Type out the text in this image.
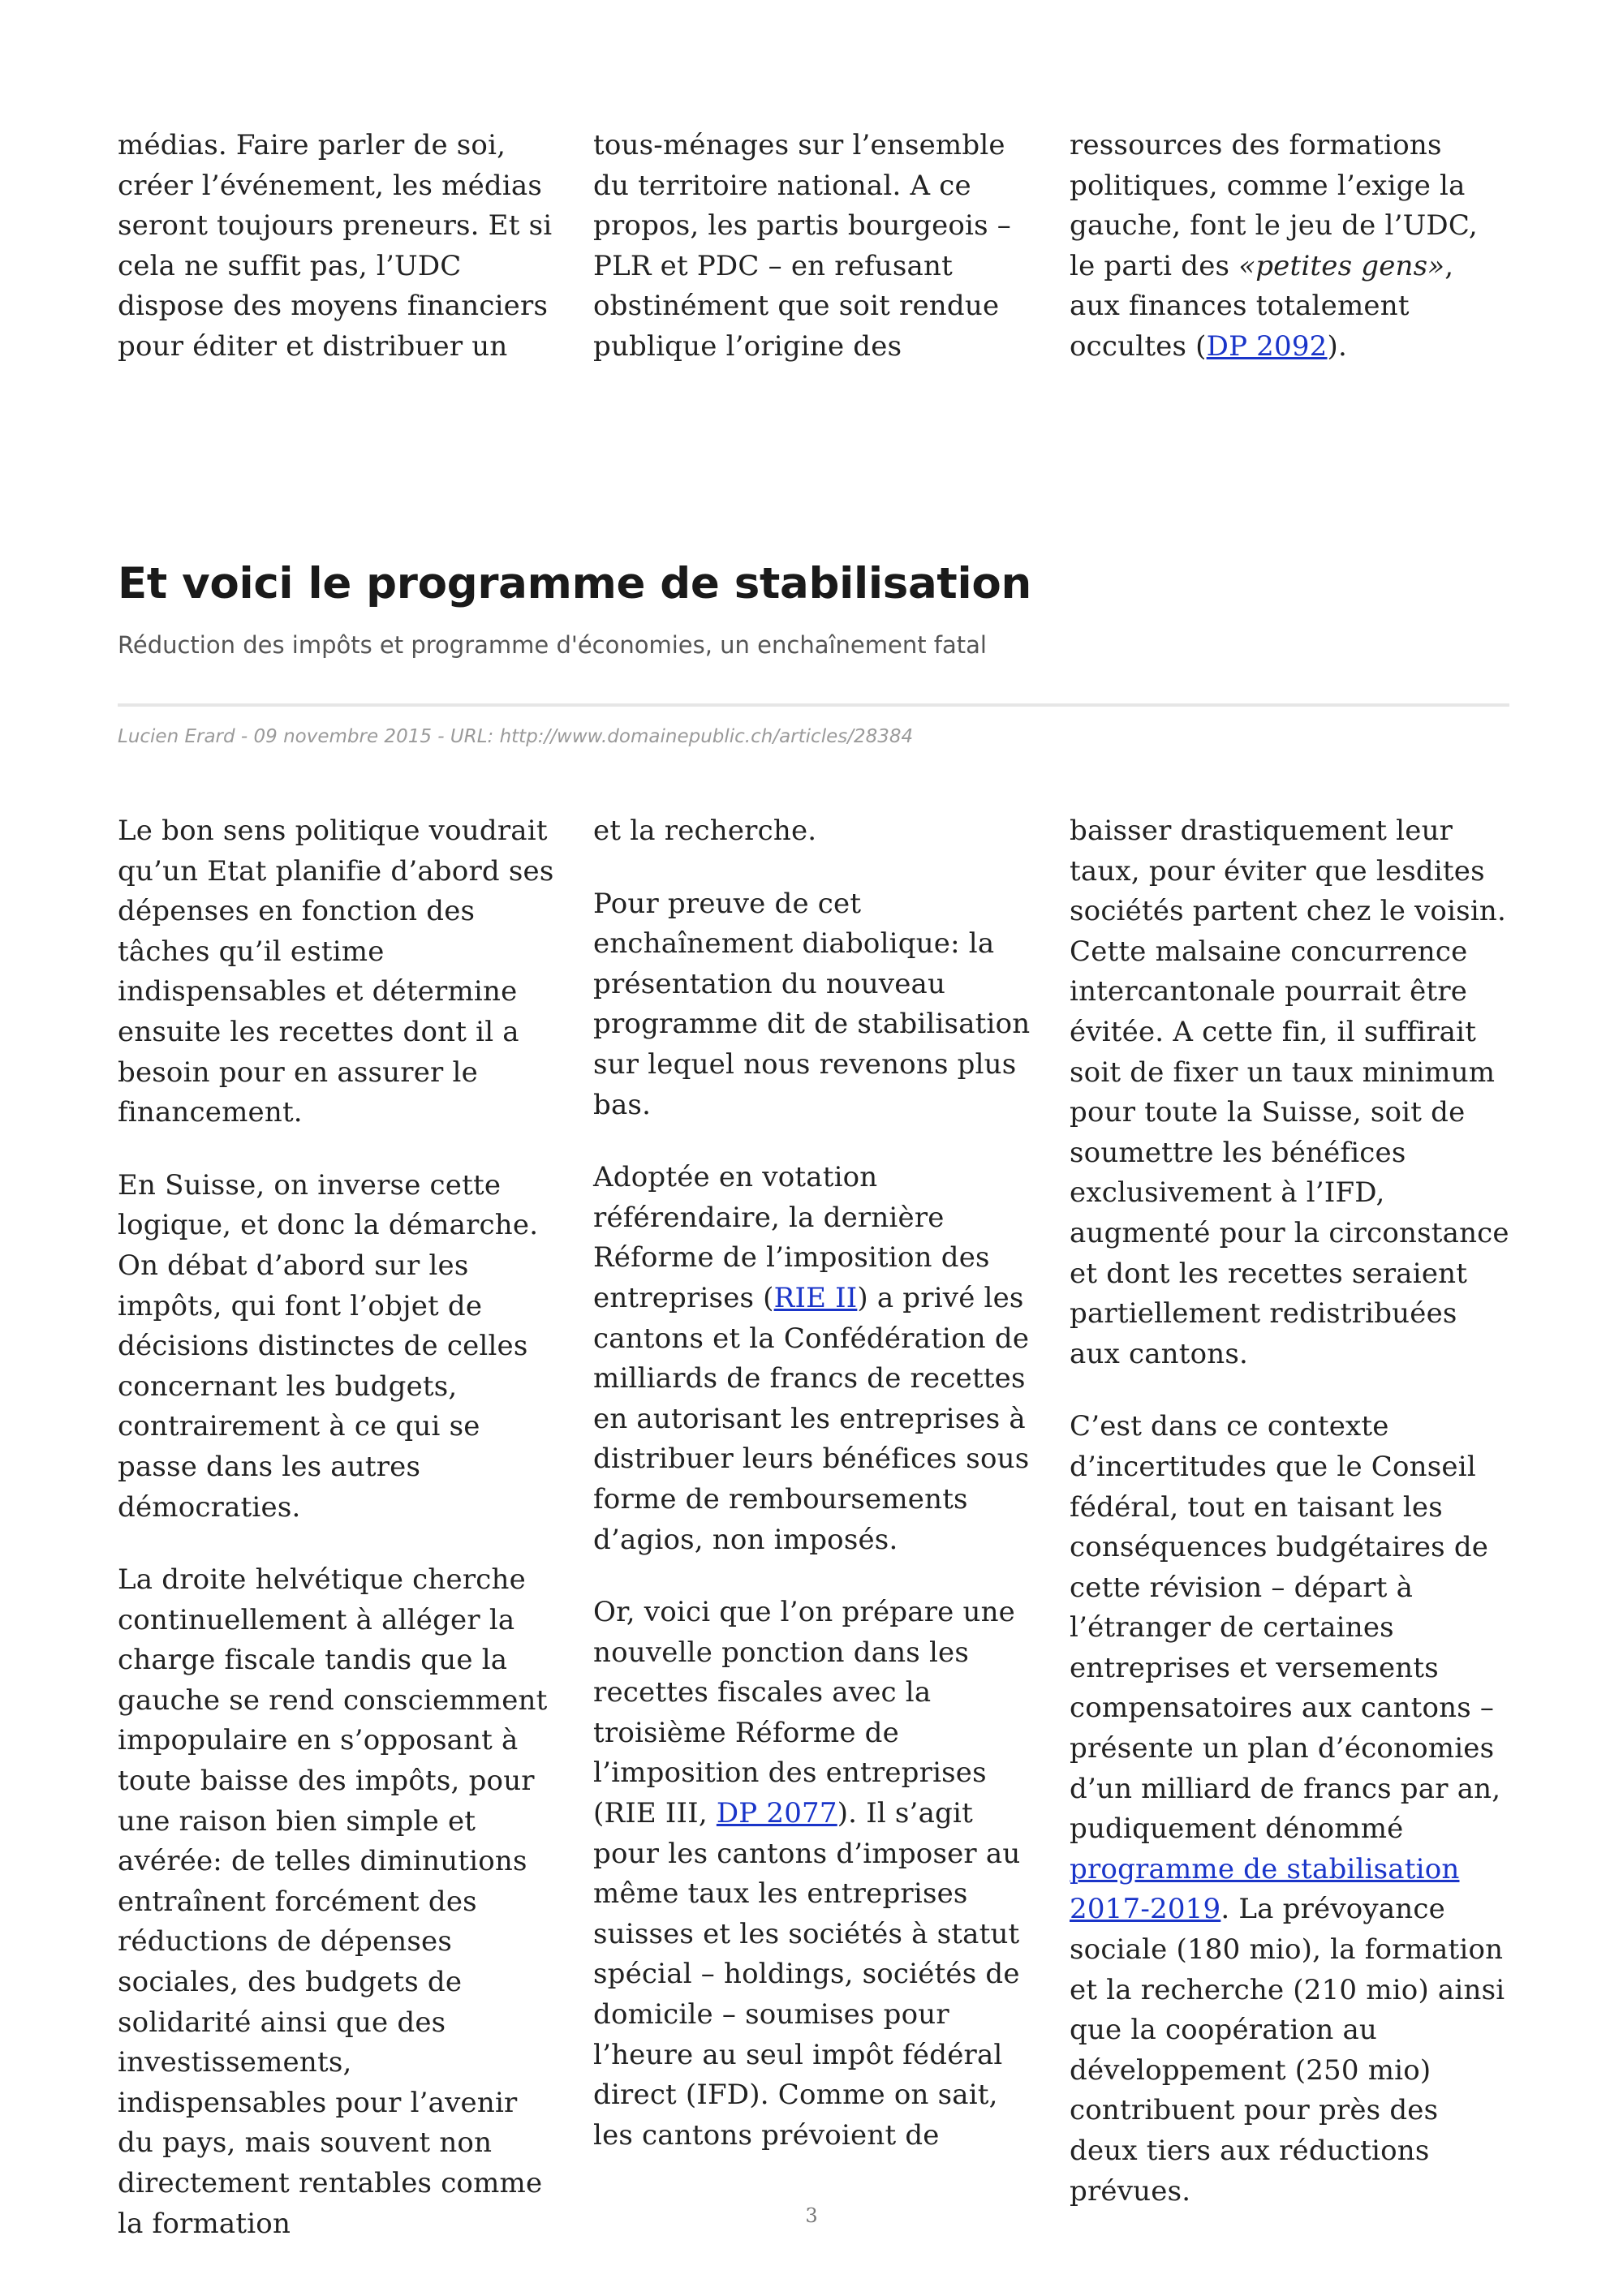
médias. Faire parler de soi, créer l’événement, les médias seront toujours preneurs. Et si cela ne suffit pas, l’UDC dispose des moyens financiers pour éditer et distribuer un

tous-ménages sur l’ensemble du territoire national. A ce propos, les partis bourgeois – PLR et PDC – en refusant obstinément que soit rendue publique l’origine des

ressources des formations politiques, comme l’exige la gauche, font le jeu de l’UDC, le parti des «petites gens», aux finances totalement occultes (DP 2092).

Et voici le programme de stabilisation
Réduction des impôts et programme d'économies, un enchaînement fatal
Lucien Erard - 09 novembre 2015 - URL: http://www.domainepublic.ch/articles/28384

Le bon sens politique voudrait qu’un Etat planifie d’abord ses dépenses en fonction des tâches qu’il estime indispensables et détermine ensuite les recettes dont il a besoin pour en assurer le financement.

En Suisse, on inverse cette logique, et donc la démarche. On débat d’abord sur les impôts, qui font l’objet de décisions distinctes de celles concernant les budgets, contrairement à ce qui se passe dans les autres démocraties.

La droite helvétique cherche continuellement à alléger la charge fiscale tandis que la gauche se rend consciemment impopulaire en s’opposant à toute baisse des impôts, pour une raison bien simple et avérée: de telles diminutions entraînent forcément des réductions de dépenses sociales, des budgets de solidarité ainsi que des investissements, indispensables pour l’avenir du pays, mais souvent non directement rentables comme la formation

et la recherche.

Pour preuve de cet enchaînement diabolique: la présentation du nouveau programme dit de stabilisation sur lequel nous revenons plus bas.

Adoptée en votation référendaire, la dernière Réforme de l’imposition des entreprises (RIE II) a privé les cantons et la Confédération de milliards de francs de recettes en autorisant les entreprises à distribuer leurs bénéfices sous forme de remboursements d’agios, non imposés.

Or, voici que l’on prépare une nouvelle ponction dans les recettes fiscales avec la troisième Réforme de l’imposition des entreprises (RIE III, DP 2077). Il s’agit pour les cantons d’imposer au même taux les entreprises suisses et les sociétés à statut spécial – holdings, sociétés de domicile – soumises pour l’heure au seul impôt fédéral direct (IFD). Comme on sait, les cantons prévoient de

baisser drastiquement leur taux, pour éviter que lesdites sociétés partent chez le voisin. Cette malsaine concurrence intercantonale pourrait être évitée. A cette fin, il suffirait soit de fixer un taux minimum pour toute la Suisse, soit de soumettre les bénéfices exclusivement à l’IFD, augmenté pour la circonstance et dont les recettes seraient partiellement redistribuées aux cantons.

C’est dans ce contexte d’incertitudes que le Conseil fédéral, tout en taisant les conséquences budgétaires de cette révision – départ à l’étranger de certaines entreprises et versements compensatoires aux cantons – présente un plan d’économies d’un milliard de francs par an, pudiquement dénommé programme de stabilisation 2017-2019. La prévoyance sociale (180 mio), la formation et la recherche (210 mio) ainsi que la coopération au développement (250 mio) contribuent pour près des deux tiers aux réductions prévues.

3
